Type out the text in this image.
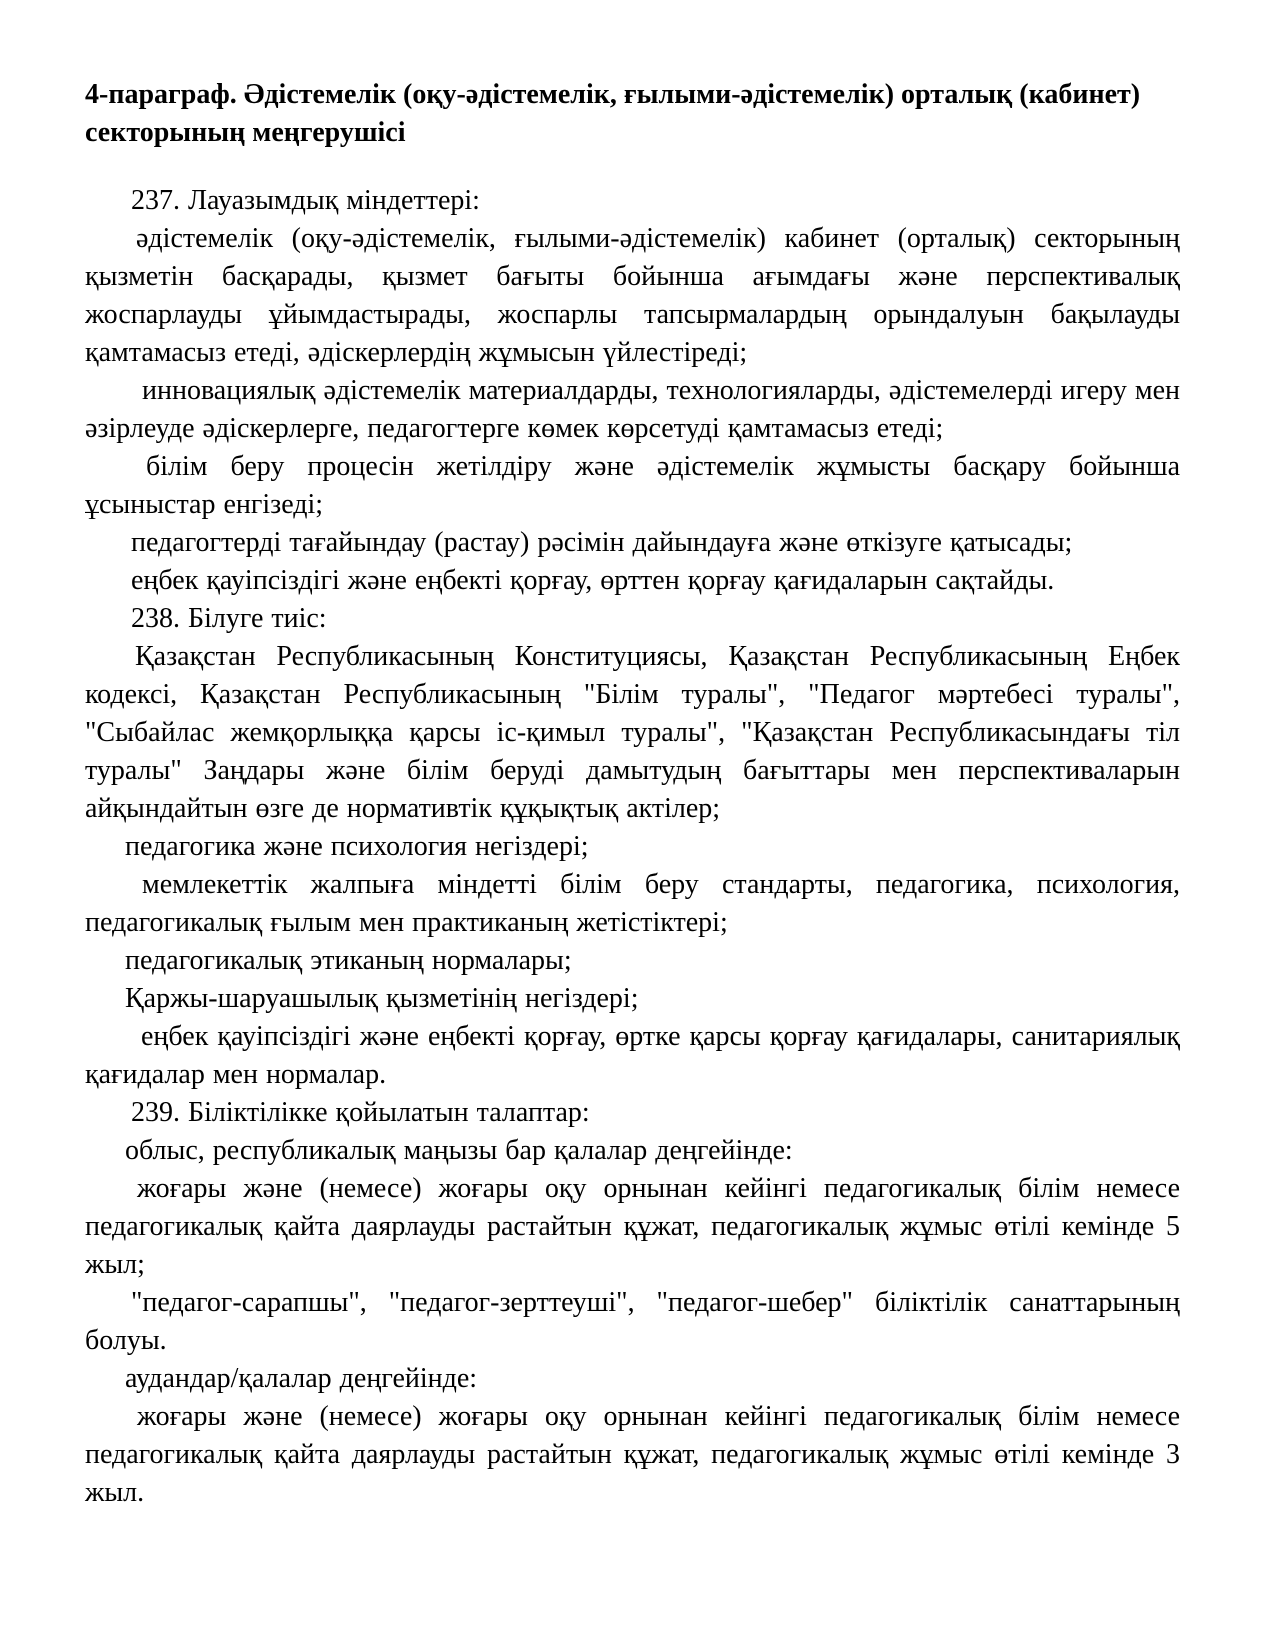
4-параграф. Әдістемелік (оқу-әдістемелік, ғылыми-әдістемелік) орталық (кабинет)
секторының меңгерушісі

237. Лауазымдық міндеттері:

әдістемелік (оқу-әдістемелік, ғылыми-әдістемелік) кабинет (орталық) секторының қызметін басқарады, қызмет бағыты бойынша ағымдағы және перспективалық жоспарлауды ұйымдастырады, жоспарлы тапсырмалардың орындалуын бақылауды қамтамасыз етеді, әдіскерлердің жұмысын үйлестіреді;

инновациялық әдістемелік материалдарды, технологияларды, әдістемелерді игеру мен әзірлеуде әдіскерлерге, педагогтерге көмек көрсетуді қамтамасыз етеді;

білім беру процесін жетілдіру және әдістемелік жұмысты басқару бойынша ұсыныстар енгізеді;

педагогтерді тағайындау (растау) рәсімін дайындауға және өткізуге қатысады;

еңбек қауіпсіздігі және еңбекті қорғау, өрттен қорғау қағидаларын сақтайды.

238. Білуге тиіс:

Қазақстан Республикасының Конституциясы, Қазақстан Республикасының Еңбек кодексі, Қазақстан Республикасының "Білім туралы", "Педагог мәртебесі туралы", "Сыбайлас жемқорлыққа қарсы іс-қимыл туралы", "Қазақстан Республикасындағы тіл туралы" Заңдары және білім беруді дамытудың бағыттары мен перспективаларын айқындайтын өзге де нормативтік құқықтық актілер;

педагогика және психология негіздері;

мемлекеттік жалпыға міндетті білім беру стандарты, педагогика, психология, педагогикалық ғылым мен практиканың жетістіктері;

педагогикалық этиканың нормалары;

Қаржы-шаруашылық қызметінің негіздері;

еңбек қауіпсіздігі және еңбекті қорғау, өртке қарсы қорғау қағидалары, санитариялық қағидалар мен нормалар.

239. Біліктілікке қойылатын талаптар:

облыс, республикалық маңызы бар қалалар деңгейінде:

жоғары және (немесе) жоғары оқу орнынан кейінгі педагогикалық білім немесе педагогикалық қайта даярлауды растайтын құжат, педагогикалық жұмыс өтілі кемінде 5 жыл;

"педагог-сарапшы", "педагог-зерттеуші", "педагог-шебер" біліктілік санаттарының болуы.

аудандар/қалалар деңгейінде:

жоғары және (немесе) жоғары оқу орнынан кейінгі педагогикалық білім немесе педагогикалық қайта даярлауды растайтын құжат, педагогикалық жұмыс өтілі кемінде 3 жыл.
